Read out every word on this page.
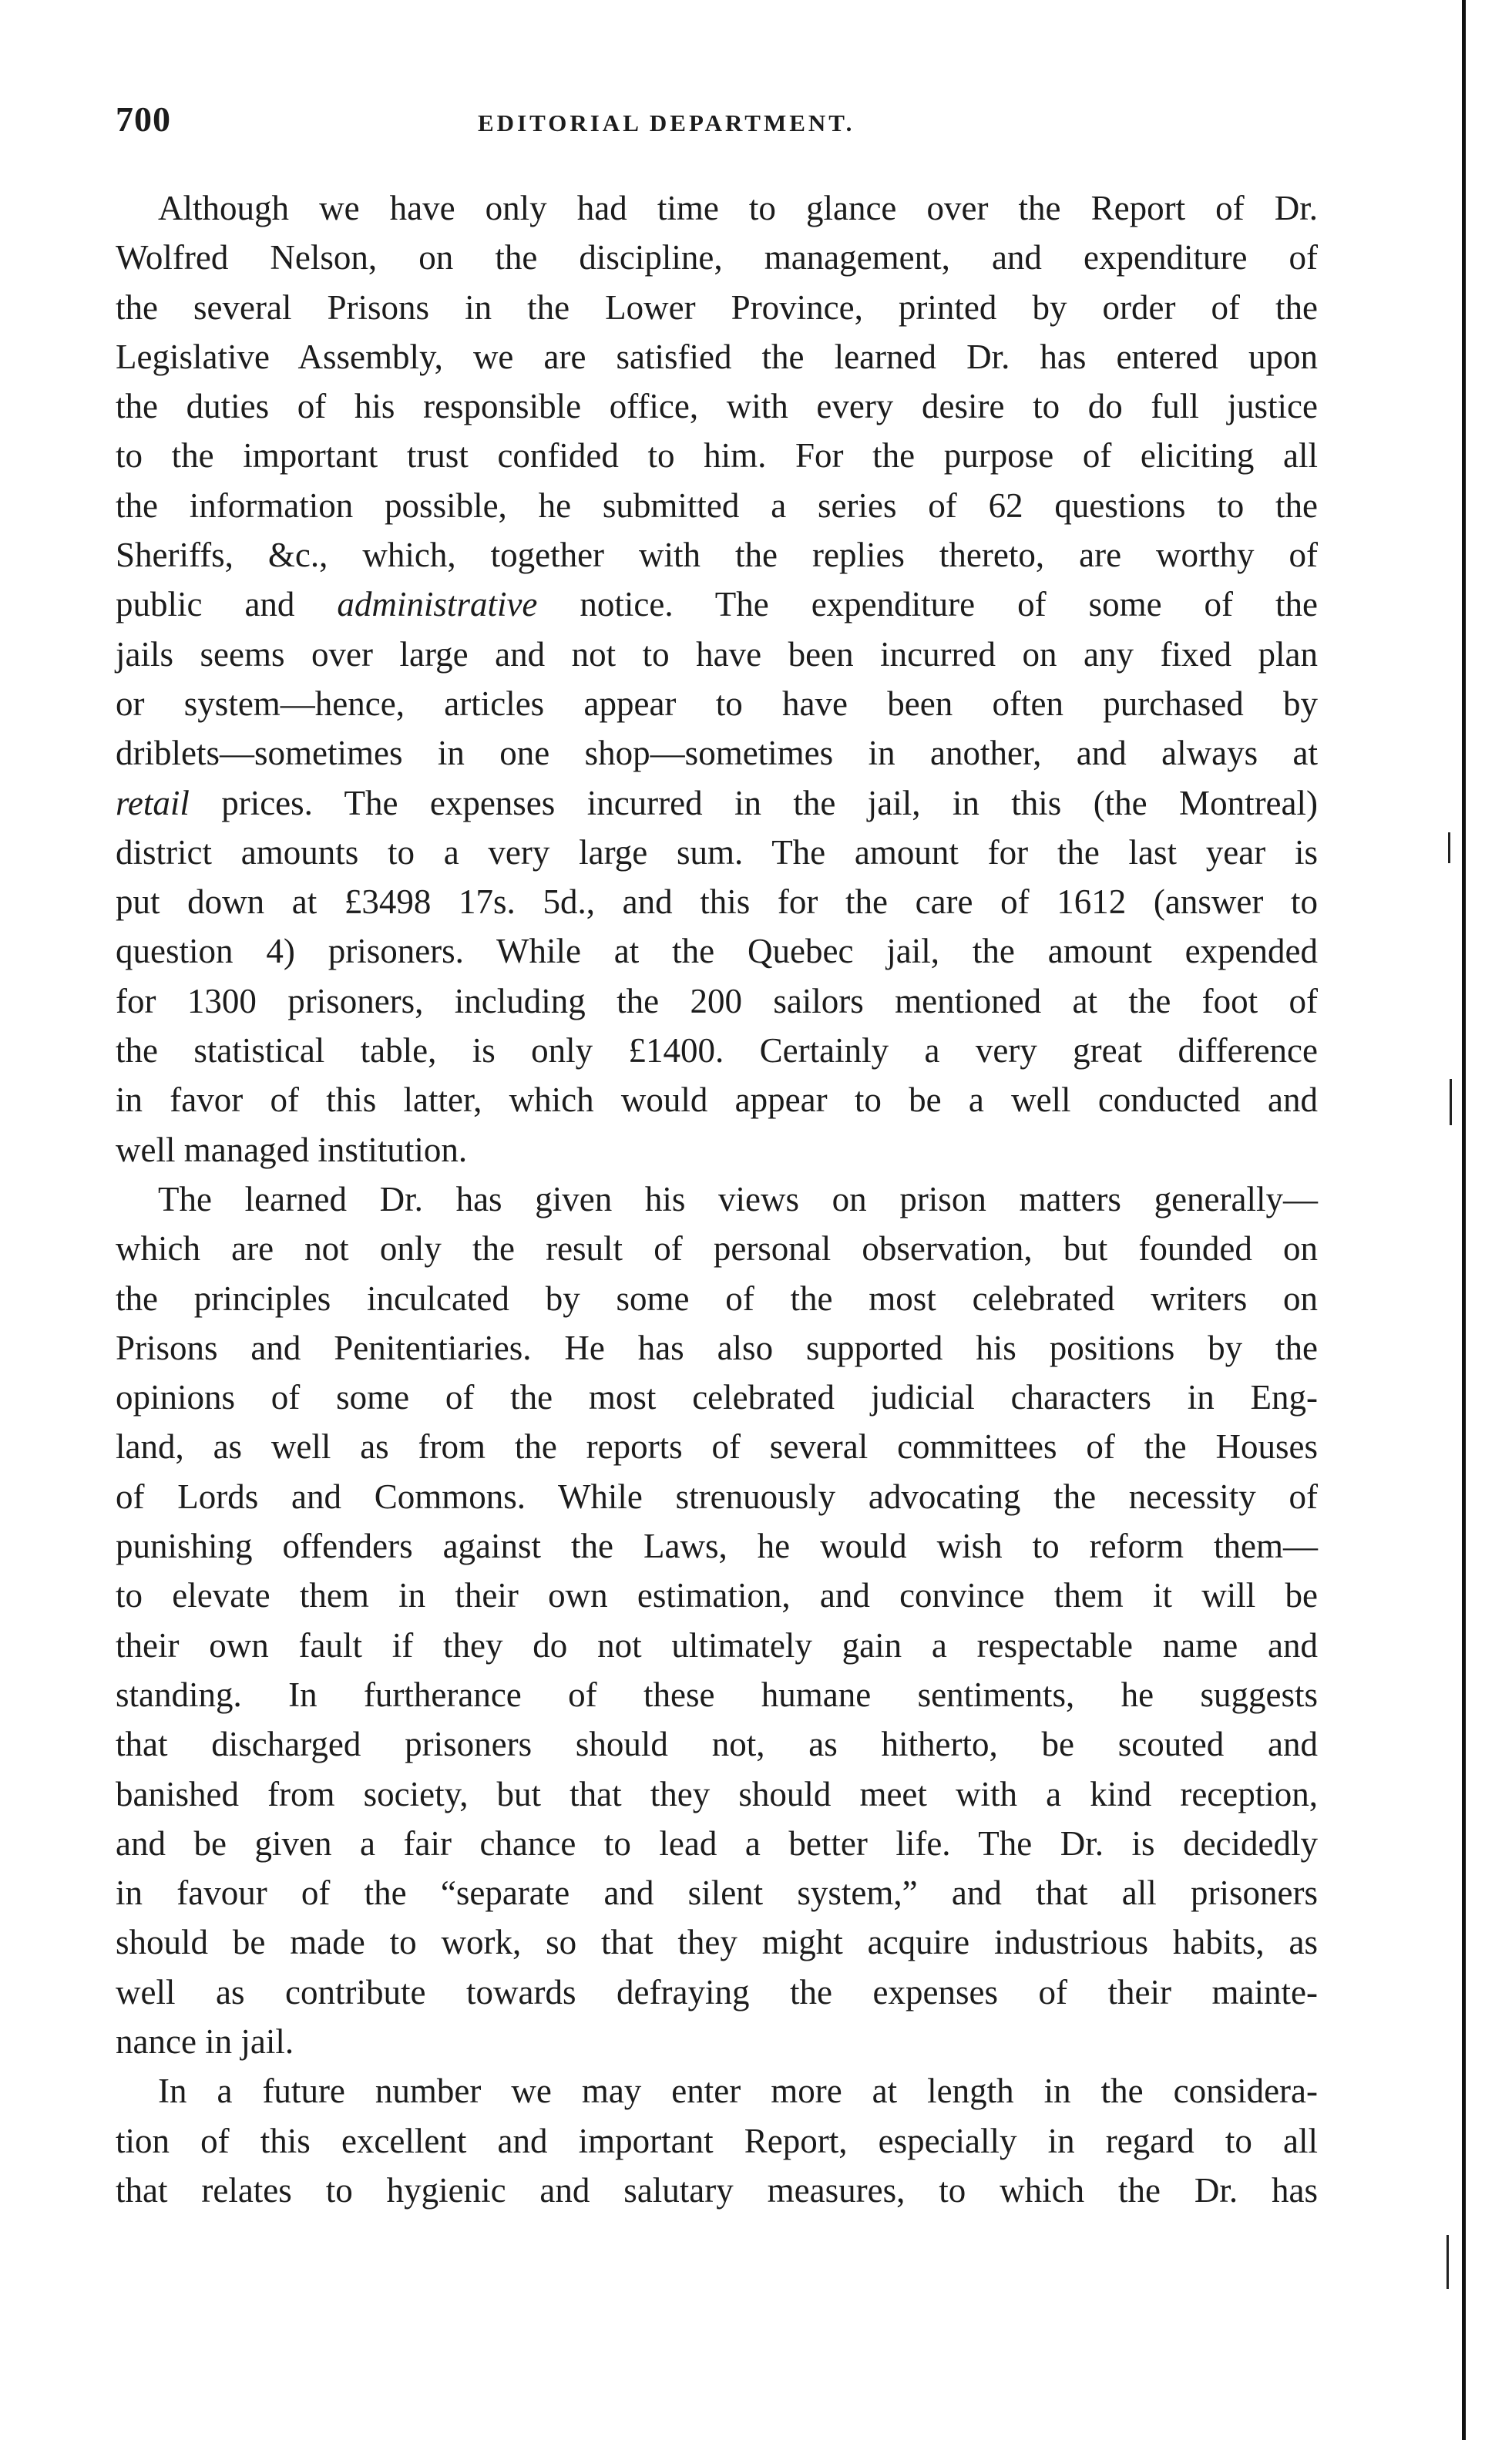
700	EDITORIAL DEPARTMENT.
Although we have only had time to glance over the Report of Dr.
Wolfred Nelson, on the discipline, management, and expenditure of
the several Prisons in the Lower Province, printed by order of the
Legislative Assembly, we are satisfied the learned Dr. has entered upon
the duties of his responsible office, with every desire to do full justice
to the important trust confided to him. For the purpose of eliciting all
the information possible, he submitted a series of 62 questions to the
Sheriffs, &c., which, together with the replies thereto, are worthy of
public and administrative notice. The expenditure of some of the
jails seems over large and not to have been incurred on any fixed plan
or system—hence, articles appear to have been often purchased by
driblets—sometimes in one shop—sometimes in another, and always at
retail prices. The expenses incurred in the jail, in this (the Montreal)
district amounts to a very large sum. The amount for the last year is
put down at £3498 17s. 5d., and this for the care of 1612 (answer to
question 4) prisoners. While at the Quebec jail, the amount expended
for 1300 prisoners, including the 200 sailors mentioned at the foot of
the statistical table, is only £1400. Certainly a very great difference
in favor of this latter, which would appear to be a well conducted and
well managed institution.
The learned Dr. has given his views on prison matters generally—
which are not only the result of personal observation, but founded on
the principles inculcated by some of the most celebrated writers on
Prisons and Penitentiaries. He has also supported his positions by the
opinions of some of the most celebrated judicial characters in Eng-
land, as well as from the reports of several committees of the Houses
of Lords and Commons. While strenuously advocating the necessity of
punishing offenders against the Laws, he would wish to reform them—
to elevate them in their own estimation, and convince them it will be
their own fault if they do not ultimately gain a respectable name and
standing. In furtherance of these humane sentiments, he suggests
that discharged prisoners should not, as hitherto, be scouted and
banished from society, but that they should meet with a kind reception,
and be given a fair chance to lead a better life. The Dr. is decidedly
in favour of the “separate and silent system,” and that all prisoners
should be made to work, so that they might acquire industrious habits, as
well as contribute towards defraying the expenses of their mainte-
nance in jail.
In a future number we may enter more at length in the considera-
tion of this excellent and important Report, especially in regard to all
that relates to hygienic and salutary measures, to which the Dr. has
